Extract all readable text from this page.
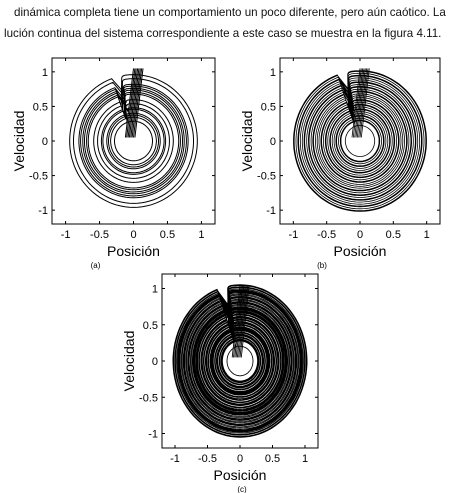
dinámica completa tiene un comportamiento un poco diferente, pero aún caótico. La
lución continua del sistema correspondiente a este caso se muestra en la figura 4.11.
-1 -0.5 0 0.5 1
-1
-0.5
0
0.5
1
Posición
Velocidad
(a)
-1 -0.5 0 0.5 1
-1
-0.5
0
0.5
1
Posición
Velocidad
(b)
-1 -0.5 0 0.5 1
-1
-0.5
0
0.5
1
Posición
Velocidad
(c)
